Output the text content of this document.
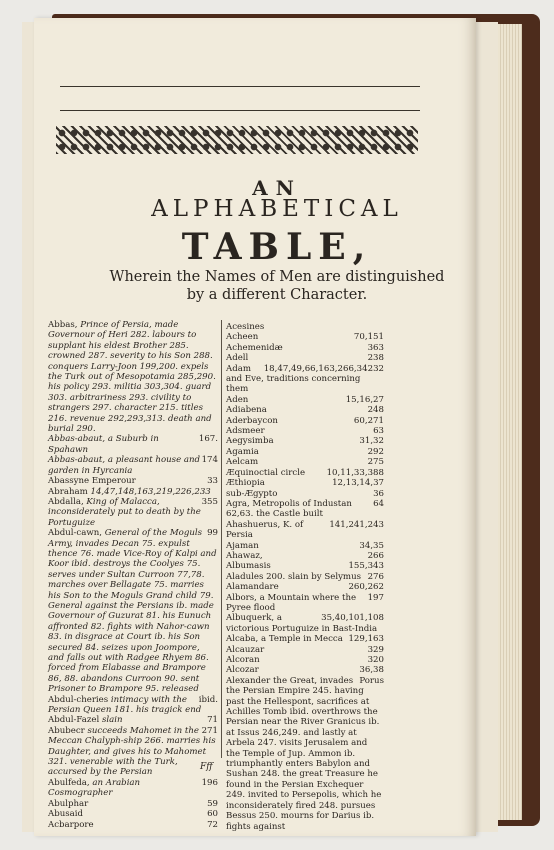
AN
ALPHABETICAL
TABLE,
Wherein the Names of Men are distinguished
by a different Character.
Abbas, Prince of Persia, made Governour of Heri 282. labours to supplant his eldest Brother 285. crowned 287. severity to his Son 288. conquers Larry-Joon 199,200. expels the Turk out of Mesopotamia 285,290. his policy 293. militia 303,304. guard 303. arbitrariness 293. civility to strangers 297. character 215. titles 216. revenue 292,293,313. death and burial 290.
167.
Abbas-abaut, a Suburb in Spahawn
174
Abbas-abaut, a pleasant house and garden in Hyrcania
33
Abassyne Emperour
Abraham 14,47,148,163,219,226,233
355
Abdalla, King of Malacca, inconsiderately put to death by the Portuguize
99
Abdul-cawn, General of the Moguls Army, invades Decan 75. expulst thence 76. made Vice-Roy of Kalpi and Koor ibid. destroys the Coolyes 75. serves under Sultan Curroon 77,78. marches over Bellagate 75. marries his Son to the Moguls Grand child 79. General against the Persians ib. made Governour of Guzurat 81. his Eunuch affronted 82. fights with Nahor-cawn 83. in disgrace at Court ib. his Son secured 84. seizes upon Joompore, and falls out with Radgee Rhyem 86. forced from Elabasse and Brampore 86, 88. abandons Curroon 90. sent Prisoner to Brampore 95. released
ibid.
Abdul-cheries intimacy with the Persian Queen 181. his tragick end
71
Abdul-Fazel slain
271
Abubecr succeeds Mahomet in the Meccan Chalyph-ship 266. marries his Daughter, and gives his to Mahomet 321. venerable with the Turk, accursed by the Persian
196
Abulfeda, an Arabian Cosmographer
59
Abulphar
60
Abusaid
72
Acbarpore
Acesines
70,151
Acheen
363
Achemenidæ
238
Adell
32
18,47,49,66,163,266,342
Adam and Eve, traditions concerning them
15,16,27
Aden
248
Adiabena
60,271
Aderbaycon
63
Adsmeer
31,32
Aegysimba
292
Agamia
275
Aelcam
10,11,33,388
Æquinoctial circle
12,13,14,37
Æthiopia
36
sub-Ægypto
64
Agra, Metropolis of Industan 62,63. the Castle built
141,241,243
Ahashuerus, K. of Persia
34,35
Ajaman
266
Ahawaz,
155,343
Albumasis
276
Aladules 200. slain by Selymus
260,262
Alamandare
197
Albors, a Mountain where the Pyree flood
35,40,101,108
Albuquerk, a victorious Portuguize in Bast-India
129,163
Alcaba, a Temple in Mecca
329
Alcauzar
320
Alcoran
36,38
Alcozar
Porus
Alexander the Great, invades the Persian Empire 245. having past the Hellespont, sacrifices at Achilles Tomb ibid. overthrows the Persian near the River Granicus ib. at Issus 246,249. and lastly at Arbela 247. visits Jerusalem and the Temple of Jup. Ammon ib. triumphantly enters Babylon and Sushan 248. the great Treasure he found in the Persian Exchequer 249. invited to Persepolis, which he inconsiderately fired 248. pursues Bessus 250. mourns for Darius ib. fights against
Fff
